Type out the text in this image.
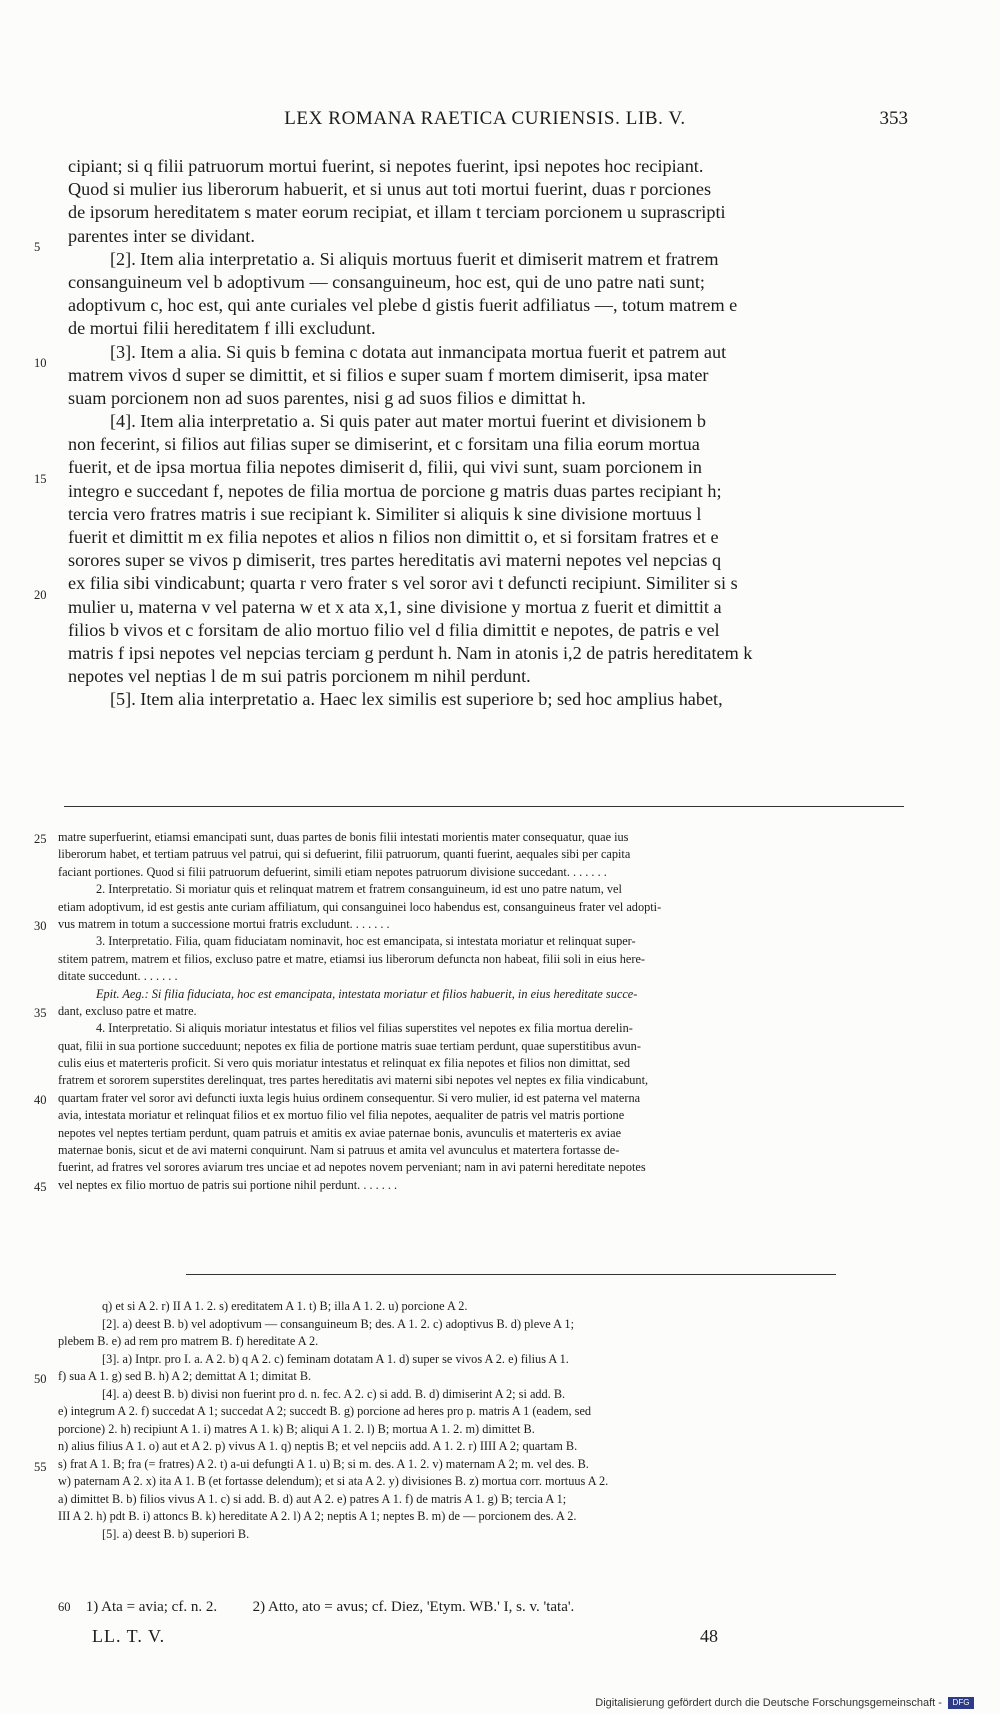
LEX ROMANA RAETICA CURIENSIS. LIB. V.	353
cipiant; si q filii patruorum mortui fuerint, si nepotes fuerint, ipsi nepotes hoc recipiant.
Quod si mulier ius liberorum habuerit, et si unus aut toti mortui fuerint, duas r porciones
de ipsorum hereditatem s mater eorum recipiat, et illam t terciam porcionem u suprascripti
parentes inter se dividant.
[2]. Item alia interpretatio a. Si aliquis mortuus fuerit et dimiserit matrem et fratrem
consanguineum vel b adoptivum — consanguineum, hoc est, qui de uno patre nati sunt;
adoptivum c, hoc est, qui ante curiales vel plebe d gistis fuerit adfiliatus —, totum matrem e
de mortui filii hereditatem f illi excludunt.
[3]. Item a alia. Si quis b femina c dotata aut inmancipata mortua fuerit et patrem aut
matrem vivos d super se dimittit, et si filios e super suam f mortem dimiserit, ipsa mater
suam porcionem non ad suos parentes, nisi g ad suos filios e dimittat h.
[4]. Item alia interpretatio a. Si quis pater aut mater mortui fuerint et divisionem b
non fecerint, si filios aut filias super se dimiserint, et c forsitam una filia eorum mortua
fuerit, et de ipsa mortua filia nepotes dimiserit d, filii, qui vivi sunt, suam porcionem in
integro e succedant f, nepotes de filia mortua de porcione g matris duas partes recipiant h;
tercia vero fratres matris i sue recipiant k. Similiter si aliquis k sine divisione mortuus l
fuerit et dimittit m ex filia nepotes et alios n filios non dimittit o, et si forsitam fratres et e
sorores super se vivos p dimiserit, tres partes hereditatis avi materni nepotes vel nepcias q
ex filia sibi vindicabunt; quarta r vero frater s vel soror avi t defuncti recipiunt. Similiter si s
mulier u, materna v vel paterna w et x ata x,1, sine divisione y mortua z fuerit et dimittit a
filios b vivos et c forsitam de alio mortuo filio vel d filia dimittit e nepotes, de patris e vel
matris f ipsi nepotes vel nepcias terciam g perdunt h. Nam in atonis i,2 de patris hereditatem k
nepotes vel neptias l de m sui patris porcionem m nihil perdunt.
[5]. Item alia interpretatio a. Haec lex similis est superiore b; sed hoc amplius habet,
5
10
15
20
matre superfuerint, etiamsi emancipati sunt, duas partes de bonis filii intestati morientis mater consequatur, quae ius
liberorum habet, et tertiam patruus vel patrui, qui si defuerint, filii patruorum, quanti fuerint, aequales sibi per capita
faciant portiones. Quod si filii patruorum defuerint, simili etiam nepotes patruorum divisione succedant. . . . . . .
2. Interpretatio. Si moriatur quis et relinquat matrem et fratrem consanguineum, id est uno patre natum, vel
etiam adoptivum, id est gestis ante curiam affiliatum, qui consanguinei loco habendus est, consanguineus frater vel adopti-
vus matrem in totum a successione mortui fratris excludunt. . . . . . .
3. Interpretatio. Filia, quam fiduciatam nominavit, hoc est emancipata, si intestata moriatur et relinquat super-
stitem patrem, matrem et filios, excluso patre et matre, etiamsi ius liberorum defuncta non habeat, filii soli in eius here-
ditate succedunt. . . . . . .
Epit. Aeg.: Si filia fiduciata, hoc est emancipata, intestata moriatur et filios habuerit, in eius hereditate succe-
dant, excluso patre et matre.
4. Interpretatio. Si aliquis moriatur intestatus et filios vel filias superstites vel nepotes ex filia mortua derelin-
quat, filii in sua portione succeduunt; nepotes ex filia de portione matris suae tertiam perdunt, quae superstitibus avun-
culis eius et materteris proficit. Si vero quis moriatur intestatus et relinquat ex filia nepotes et filios non dimittat, sed
fratrem et sororem superstites derelinquat, tres partes hereditatis avi materni sibi nepotes vel neptes ex filia vindicabunt,
quartam frater vel soror avi defuncti iuxta legis huius ordinem consequentur. Si vero mulier, id est paterna vel materna
avia, intestata moriatur et relinquat filios et ex mortuo filio vel filia nepotes, aequaliter de patris vel matris portione
nepotes vel neptes tertiam perdunt, quam patruis et amitis ex aviae paternae bonis, avunculis et materteris ex aviae
maternae bonis, sicut et de avi materni conquirunt. Nam si patruus et amita vel avunculus et matertera fortasse de-
fuerint, ad fratres vel sorores aviarum tres unciae et ad nepotes novem perveniant; nam in avi paterni hereditate nepotes
vel neptes ex filio mortuo de patris sui portione nihil perdunt. . . . . . .
25
30
35
40
45
q) et si A 2. r) II A 1. 2. s) ereditatem A 1. t) B; illa A 1. 2. u) porcione A 2.
[2]. a) deest B. b) vel adoptivum — consanguineum B; des. A 1. 2. c) adoptivus B. d) pleve A 1;
plebem B. e) ad rem pro matrem B. f) hereditate A 2.
[3]. a) Intpr. pro I. a. A 2. b) q A 2. c) feminam dotatam A 1. d) super se vivos A 2. e) filius A 1.
f) sua A 1. g) sed B. h) A 2; demittat A 1; dimitat B.
[4]. a) deest B. b) divisi non fuerint pro d. n. fec. A 2. c) si add. B. d) dimiserint A 2; si add. B.
e) integrum A 2. f) succedat A 1; succedat A 2; succedt B. g) porcione ad heres pro p. matris A 1 (eadem, sed
porcione) 2. h) recipiunt A 1. i) matres A 1. k) B; aliqui A 1. 2. l) B; mortua A 1. 2. m) dimittet B.
n) alius filius A 1. o) aut et A 2. p) vivus A 1. q) neptis B; et vel nepciis add. A 1. 2. r) IIII A 2; quartam B.
s) frat A 1. B; fra (= fratres) A 2. t) a-ui defungti A 1. u) B; si m. des. A 1. 2. v) maternam A 2; m. vel des. B.
w) paternam A 2. x) ita A 1. B (et fortasse delendum); et si ata A 2. y) divisiones B. z) mortua corr. mortuus A 2.
a) dimittet B. b) filios vivus A 1. c) si add. B. d) aut A 2. e) patres A 1. f) de matris A 1. g) B; tercia A 1;
III A 2. h) pdt B. i) attoncs B. k) hereditate A 2. l) A 2; neptis A 1; neptes B. m) de — porcionem des. A 2.
[5]. a) deest B. b) superiori B.
50
55
60 1) Ata = avia; cf. n. 2. 2) Atto, ato = avus; cf. Diez, 'Etym. WB.' I, s. v. 'tata'.
LL. T. V.	48
Digitalisierung gefördert durch die Deutsche Forschungsgemeinschaft - DFG
